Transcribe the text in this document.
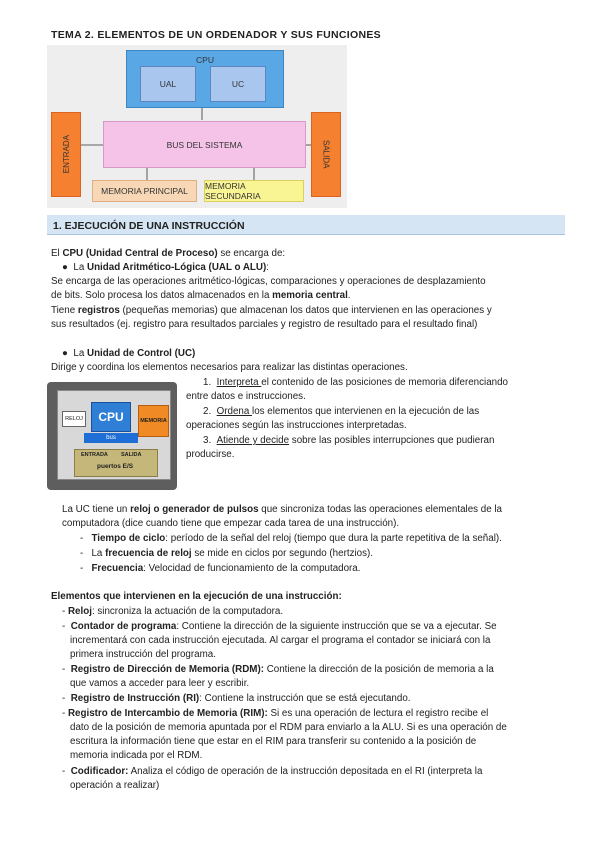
TEMA 2. ELEMENTOS DE UN ORDENADOR Y SUS FUNCIONES
CPU
UAL	UC
BUS DEL SISTEMA
ENTRADA	SALIDA
MEMORIA PRINCIPAL MEMORIA SECUNDARIA
1. EJECUCIÓN DE UNA INSTRUCCIÓN
El CPU (Unidad Central de Proceso) se encarga de:
●  La Unidad Aritmético-Lógica (UAL o ALU):
Se encarga de las operaciones aritmético-lógicas, comparaciones y operaciones de desplazamiento
de bits. Solo procesa los datos almacenados en la memoria central.
Tiene registros (pequeñas memorias) que almacenan los datos que intervienen en las operaciones y
sus resultados (ej. registro para resultados parciales y registro de resultado para el resultado final)
●  La Unidad de Control (UC)
Dirige y coordina los elementos necesarios para realizar las distintas operaciones.
RELOJ CPU	MEMORIA
bus
ENTRADA SALIDA
puertos E/S
1. Interpreta el contenido de las posiciones de memoria diferenciando
entre datos e instrucciones.
2. Ordena los elementos que intervienen en la ejecución de las
operaciones según las instrucciones interpretadas.
3. Atiende y decide sobre las posibles interrupciones que pudieran
producirse.
La UC tiene un reloj o generador de pulsos que sincroniza todas las operaciones elementales de la
computadora (dice cuando tiene que empezar cada tarea de una instrucción).
-   Tiempo de ciclo: período de la señal del reloj (tiempo que dura la parte repetitiva de la señal).
-   La frecuencia de reloj se mide en ciclos por segundo (hertzios).
-   Frecuencia: Velocidad de funcionamiento de la computadora.
Elementos que intervienen en la ejecución de una instrucción:
- Reloj: sincroniza la actuación de la computadora.
-  Contador de programa: Contiene la dirección de la siguiente instrucción que se va a ejecutar. Se
incrementará con cada instrucción ejecutada. Al cargar el programa el contador se iniciará con la
primera instrucción del programa.
-  Registro de Dirección de Memoria (RDM): Contiene la dirección de la posición de memoria a la
que vamos a acceder para leer y escribir.
-  Registro de Instrucción (RI): Contiene la instrucción que se está ejecutando.
- Registro de Intercambio de Memoria (RIM): Si es una operación de lectura el registro recibe el
dato de la posición de memoria apuntada por el RDM para enviarlo a la ALU. Si es una operación de
escritura la información tiene que estar en el RIM para transferir su contenido a la posición de
memoria indicada por el RDM.
-  Codificador: Analiza el código de operación de la instrucción depositada en el RI (interpreta la
operación a realizar)
